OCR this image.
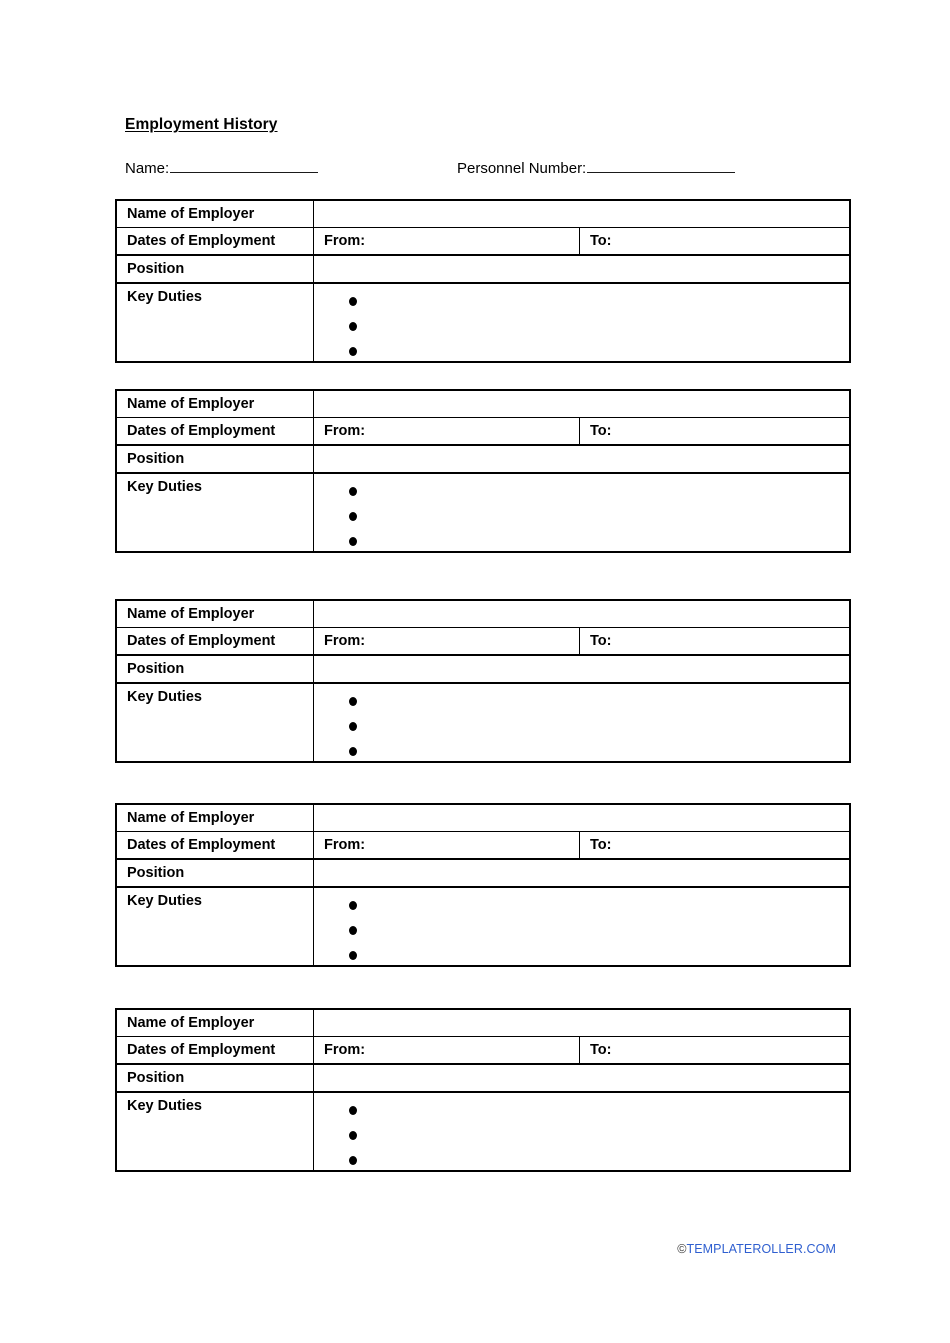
Employment History
Name:	Personnel Number:
Name of Employer
Dates of Employment	From:	To:
Position
Key Duties
Name of Employer
Dates of Employment	From:	To:
Position
Key Duties
Name of Employer
Dates of Employment	From:	To:
Position
Key Duties
Name of Employer
Dates of Employment	From:	To:
Position
Key Duties
Name of Employer
Dates of Employment	From:	To:
Position
Key Duties
©TEMPLATEROLLER.COM
